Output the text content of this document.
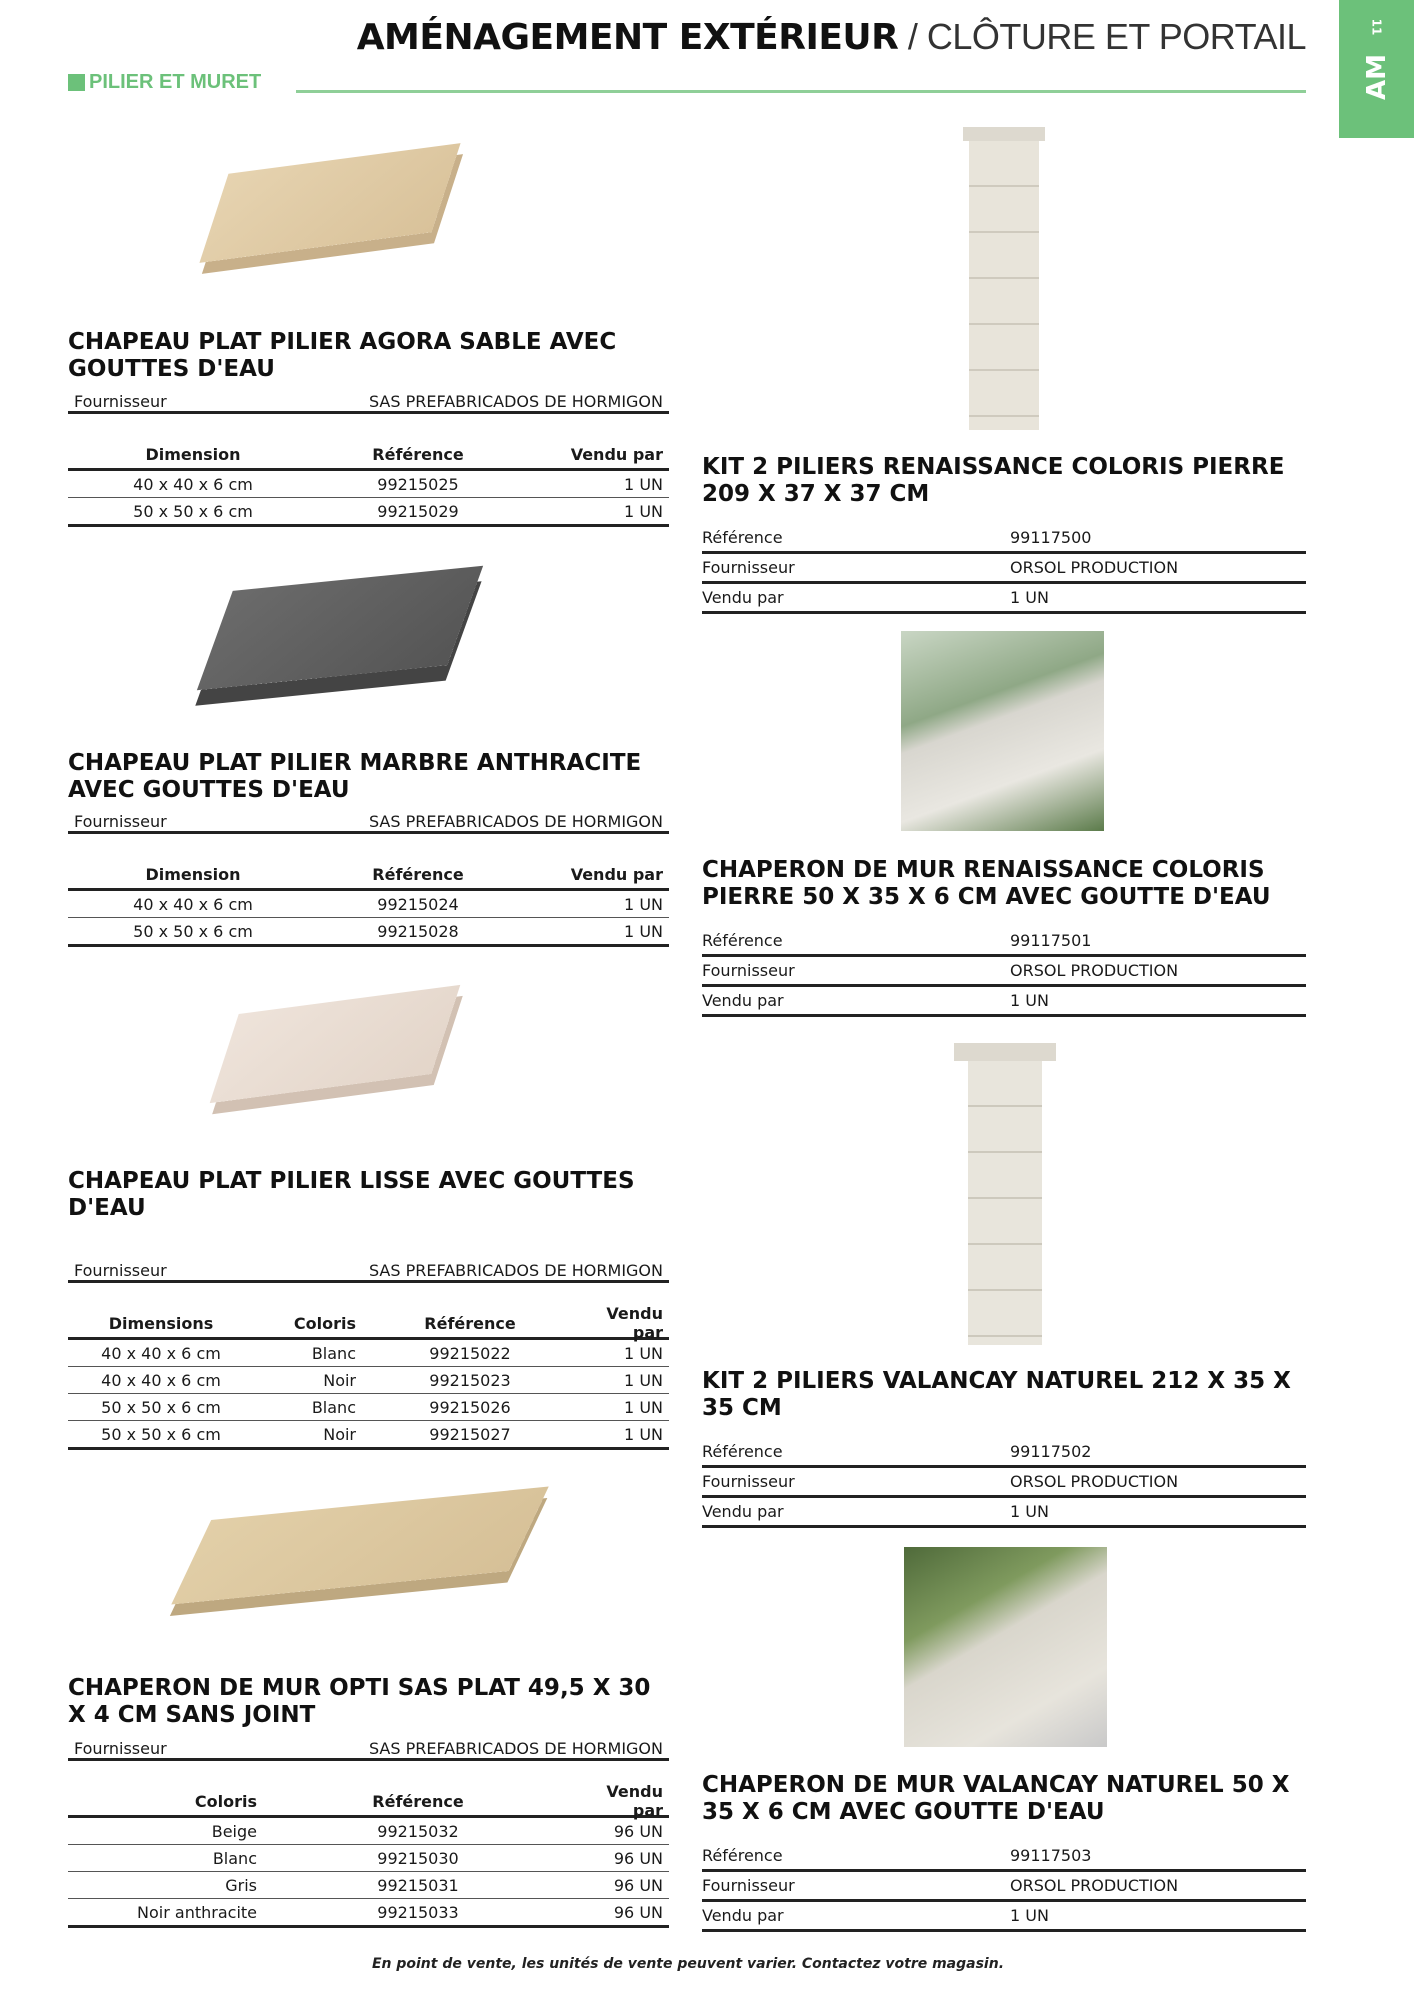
AMÉNAGEMENT EXTÉRIEUR / CLÔTURE ET PORTAIL	11
AM
PILIER ET MURET
CHAPEAU PLAT PILIER AGORA SABLE AVEC GOUTTES D'EAU
Fournisseur	SAS PREFABRICADOS DE HORMIGON
Dimension	Référence	Vendu par
40 x 40 x 6 cm	99215025	1 UN
50 x 50 x 6 cm	99215029	1 UN
CHAPEAU PLAT PILIER MARBRE ANTHRACITE AVEC GOUTTES D'EAU
Fournisseur	SAS PREFABRICADOS DE HORMIGON
Dimension	Référence	Vendu par
40 x 40 x 6 cm	99215024	1 UN
50 x 50 x 6 cm	99215028	1 UN
CHAPEAU PLAT PILIER LISSE AVEC GOUTTES D'EAU
Fournisseur	SAS PREFABRICADOS DE HORMIGON
Dimensions	Coloris	Référence	Vendu par
40 x 40 x 6 cm	Blanc	99215022	1 UN
40 x 40 x 6 cm	Noir	99215023	1 UN
50 x 50 x 6 cm	Blanc	99215026	1 UN
50 x 50 x 6 cm	Noir	99215027	1 UN
CHAPERON DE MUR OPTI SAS PLAT 49,5 X 30 X 4 CM SANS JOINT
Fournisseur	SAS PREFABRICADOS DE HORMIGON
Coloris	Référence	Vendu par
Beige	99215032	96 UN
Blanc	99215030	96 UN
Gris	99215031	96 UN
Noir anthracite	99215033	96 UN
KIT 2 PILIERS RENAISSANCE COLORIS PIERRE 209 X 37 X 37 CM
Référence	99117500
Fournisseur	ORSOL PRODUCTION
Vendu par	1 UN
CHAPERON DE MUR RENAISSANCE COLORIS PIERRE 50 X 35 X 6 CM AVEC GOUTTE D'EAU
Référence	99117501
Fournisseur	ORSOL PRODUCTION
Vendu par	1 UN
KIT 2 PILIERS VALANCAY NATUREL 212 X 35 X 35 CM
Référence	99117502
Fournisseur	ORSOL PRODUCTION
Vendu par	1 UN
CHAPERON DE MUR VALANCAY NATUREL 50 X 35 X 6 CM AVEC GOUTTE D'EAU
Référence	99117503
Fournisseur	ORSOL PRODUCTION
Vendu par	1 UN
En point de vente, les unités de vente peuvent varier. Contactez votre magasin.
